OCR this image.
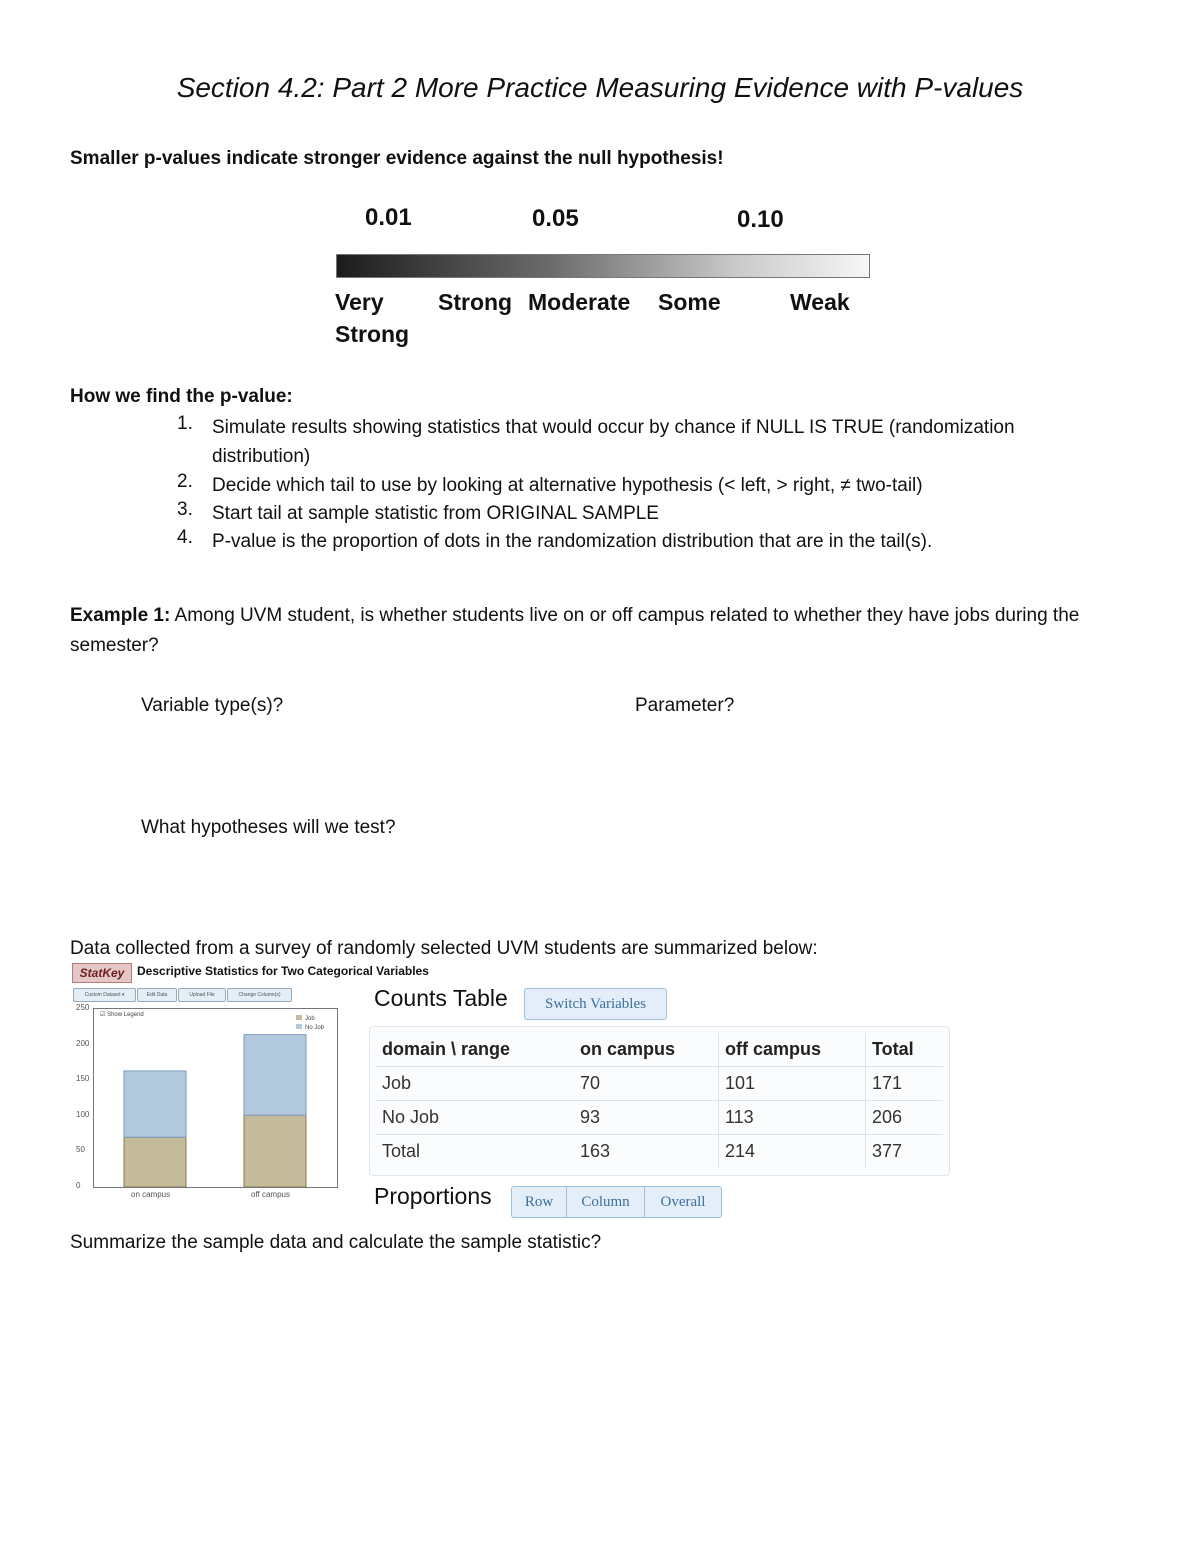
Section 4.2: Part 2 More Practice Measuring Evidence with P-values
Smaller p-values indicate stronger evidence against the null hypothesis!
0.01	0.05	0.10
Very
Strong
Strong Moderate Some	Weak
How we find the p-value:
1. Simulate results showing statistics that would occur by chance if NULL IS TRUE (randomization distribution)
2. Decide which tail to use by looking at alternative hypothesis (< left, > right, ≠ two-tail)
3. Start tail at sample statistic from ORIGINAL SAMPLE
4. P-value is the proportion of dots in the randomization distribution that are in the tail(s).
Example 1: Among UVM student, is whether students live on or off campus related to whether they have jobs during the
semester?
Variable type(s)?	Parameter?
What hypotheses will we test?
Data collected from a survey of randomly selected UVM students are summarized below:
StatKey	Descriptive Statistics for Two Categorical Variables
Custom Dataset ▾	Edit Data	Upload File	Change Column(s)
☑ Show Legend
Job
No Job
250
200
150
100
50
0
on campus	off campus
Counts Table	Switch Variables
domain \ range	on campus	off campus	Total
Job	70	101	171
No Job	93	113	206
Total	163	214	377
Proportions	Row	Column	Overall
Summarize the sample data and calculate the sample statistic?
